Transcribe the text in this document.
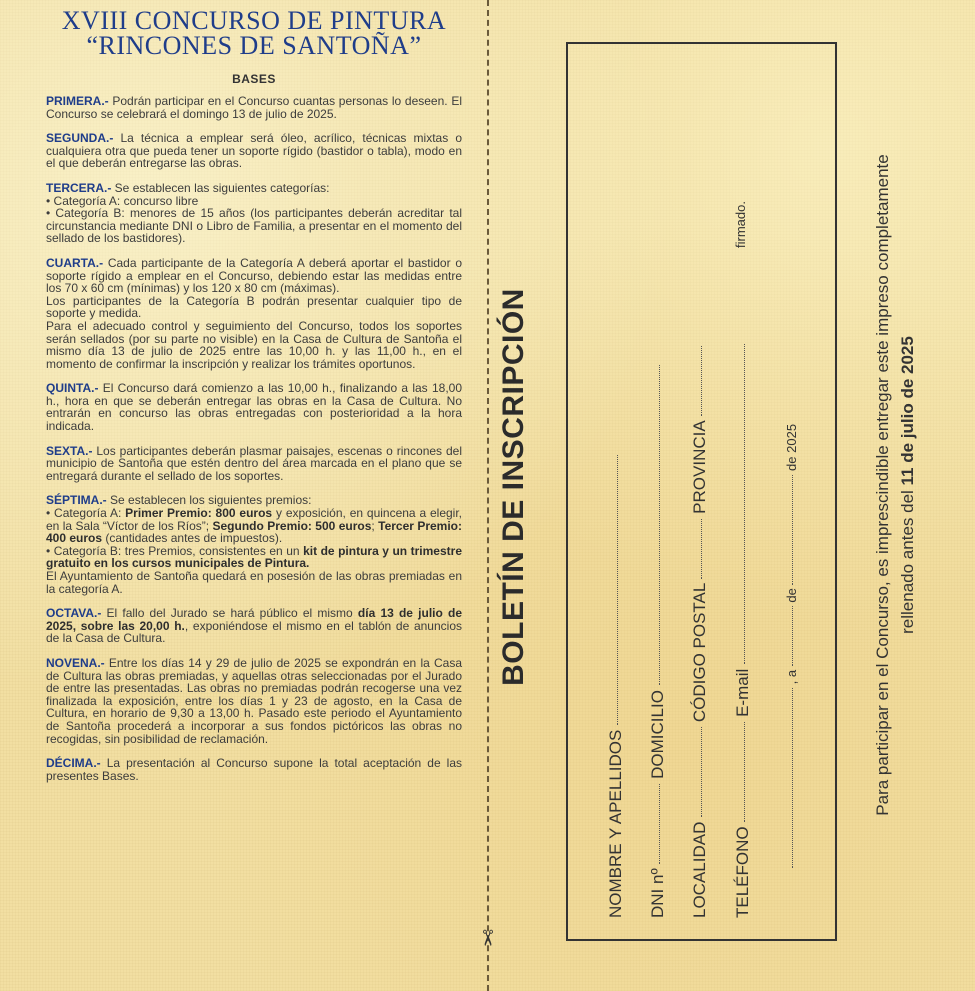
XVIII CONCURSO DE PINTURA
“RINCONES DE SANTOÑA”
BASES

PRIMERA.- Podrán participar en el Concurso cuantas personas lo deseen. El Concurso se celebrará el domingo 13 de julio de 2025.

SEGUNDA.- La técnica a emplear será óleo, acrílico, técnicas mixtas o cualquiera otra que pueda tener un soporte rígido (bastidor o tabla), modo en el que deberán entregarse las obras.

TERCERA.- Se establecen las siguientes categorías:

• Categoría A: concurso libre

• Categoría B: menores de 15 años (los participantes deberán acreditar tal circunstancia mediante DNI o Libro de Familia, a presentar en el momento del sellado de los bastidores).

CUARTA.- Cada participante de la Categoría A deberá aportar el bastidor o soporte rígido a emplear en el Concurso, debiendo estar las medidas entre los 70 x 60 cm (mínimas) y los 120 x 80 cm (máximas).

Los participantes de la Categoría B podrán presentar cualquier tipo de soporte y medida.

Para el adecuado control y seguimiento del Concurso, todos los soportes serán sellados (por su parte no visible) en la Casa de Cultura de Santoña el mismo día 13 de julio de 2025 entre las 10,00 h. y las 11,00 h., en el momento de confirmar la inscripción y realizar los trámites oportunos.

QUINTA.- El Concurso dará comienzo a las 10,00 h., finalizando a las 18,00 h., hora en que se deberán entregar las obras en la Casa de Cultura. No entrarán en concurso las obras entregadas con posterioridad a la hora indicada.

SEXTA.- Los participantes deberán plasmar paisajes, escenas o rincones del municipio de Santoña que estén dentro del área marcada en el plano que se entregará durante el sellado de los soportes.

SÉPTIMA.- Se establecen los siguientes premios:

• Categoría A: Primer Premio: 800 euros y exposición, en quincena a elegir, en la Sala “Víctor de los Ríos”; Segundo Premio: 500 euros; Tercer Premio: 400 euros (cantidades antes de impuestos).

• Categoría B: tres Premios, consistentes en un kit de pintura y un trimestre gratuito en los cursos municipales de Pintura.

El Ayuntamiento de Santoña quedará en posesión de las obras premiadas en la categoría A.

OCTAVA.- El fallo del Jurado se hará público el mismo día 13 de julio de 2025, sobre las 20,00 h., exponiéndose el mismo en el tablón de anuncios de la Casa de Cultura.

NOVENA.- Entre los días 14 y 29 de julio de 2025 se expondrán en la Casa de Cultura las obras premiadas, y aquellas otras seleccionadas por el Jurado de entre las presentadas. Las obras no premiadas podrán recogerse una vez finalizada la exposición, entre los días 1 y 23 de agosto, en la Casa de Cultura, en horario de 9,30 a 13,00 h. Pasado este periodo el Ayuntamiento de Santoña procederá a incorporar a sus fondos pictóricos las obras no recogidas, sin posibilidad de reclamación.

DÉCIMA.- La presentación al Concurso supone la total aceptación de las presentes Bases.

✂
BOLETÍN DE INSCRIPCIÓN
NOMBRE Y APELLIDOS DNI nº  DOMICILIO
LOCALIDAD  CÓDIGO POSTAL  PROVINCIA
TELÉFONO  E-mail , a  de  de 2025
firmado.	Para participar en el Concurso, es imprescindible entregar este impreso completamente rellenado antes del 11 de julio de 2025
